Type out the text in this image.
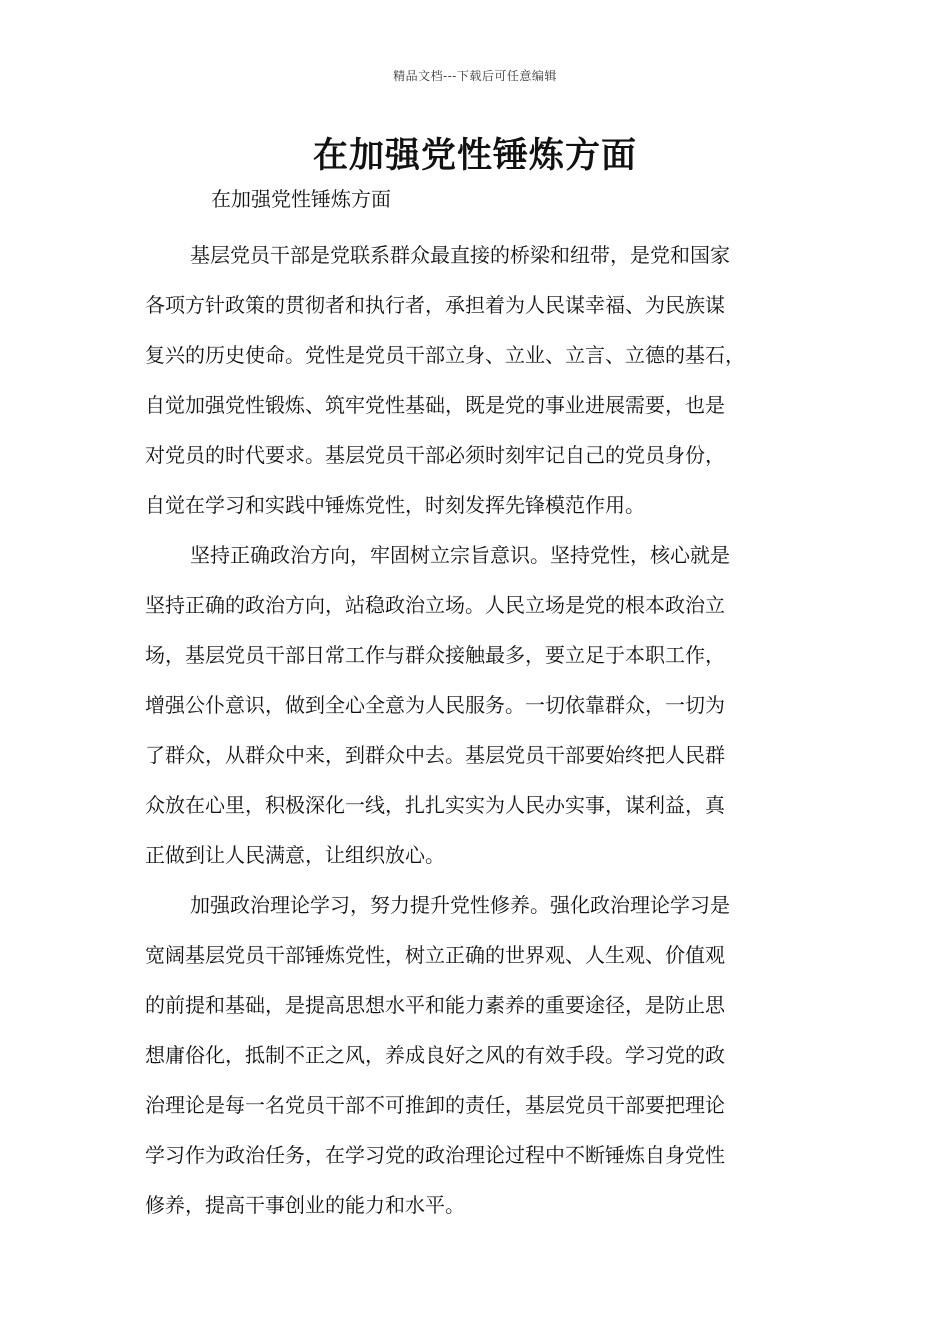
精品文档---下载后可任意编辑
在加强党性锤炼方面
在加强党性锤炼方面
基层党员干部是党联系群众最直接的桥梁和纽带，是党和国家
各项方针政策的贯彻者和执行者，承担着为人民谋幸福、为民族谋
复兴的历史使命。党性是党员干部立身、立业、立言、立德的基石，
自觉加强党性锻炼、筑牢党性基础，既是党的事业进展需要，也是
对党员的时代要求。基层党员干部必须时刻牢记自己的党员身份，
自觉在学习和实践中锤炼党性，时刻发挥先锋模范作用。
坚持正确政治方向，牢固树立宗旨意识。坚持党性，核心就是
坚持正确的政治方向，站稳政治立场。人民立场是党的根本政治立
场，基层党员干部日常工作与群众接触最多，要立足于本职工作，
增强公仆意识，做到全心全意为人民服务。一切依靠群众，一切为
了群众，从群众中来，到群众中去。基层党员干部要始终把人民群
众放在心里，积极深化一线，扎扎实实为人民办实事，谋利益，真
正做到让人民满意，让组织放心。
加强政治理论学习，努力提升党性修养。强化政治理论学习是
宽阔基层党员干部锤炼党性，树立正确的世界观、人生观、价值观
的前提和基础，是提高思想水平和能力素养的重要途径，是防止思
想庸俗化，抵制不正之风，养成良好之风的有效手段。学习党的政
治理论是每一名党员干部不可推卸的责任，基层党员干部要把理论
学习作为政治任务，在学习党的政治理论过程中不断锤炼自身党性
修养，提高干事创业的能力和水平。
